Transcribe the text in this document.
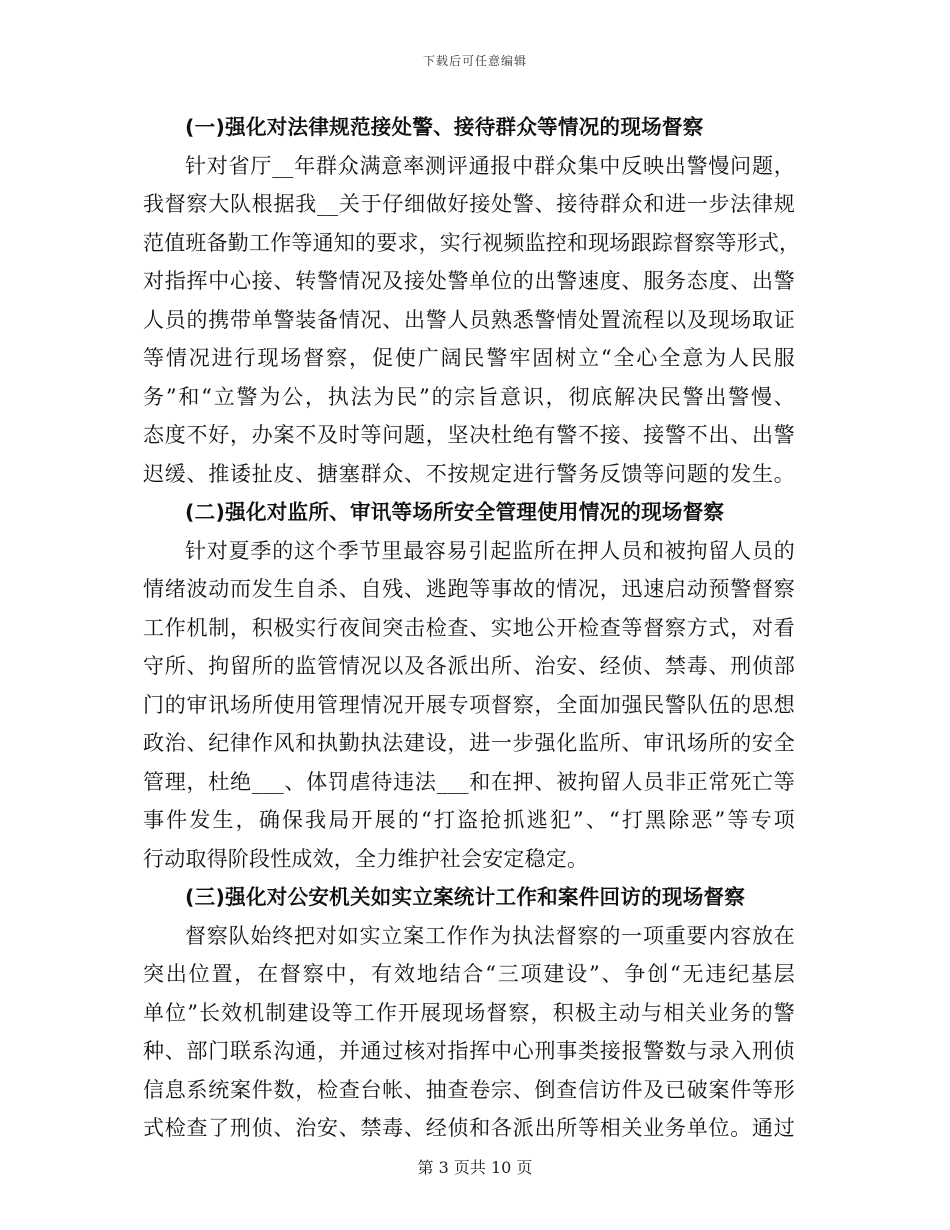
下载后可任意编辑
(一)强化对法律规范接处警、接待群众等情况的现场督察

针对省厅__年群众满意率测评通报中群众集中反映出警慢问题，
我督察大队根据我__关于仔细做好接处警、接待群众和进一步法律规
范值班备勤工作等通知的要求，实行视频监控和现场跟踪督察等形式，
对指挥中心接、转警情况及接处警单位的出警速度、服务态度、出警
人员的携带单警装备情况、出警人员熟悉警情处置流程以及现场取证
等情况进行现场督察，促使广阔民警牢固树立“全心全意为人民服
务”和“立警为公，执法为民”的宗旨意识，彻底解决民警出警慢、
态度不好，办案不及时等问题，坚决杜绝有警不接、接警不出、出警
迟缓、推诿扯皮、搪塞群众、不按规定进行警务反馈等问题的发生。

(二)强化对监所、审讯等场所安全管理使用情况的现场督察

针对夏季的这个季节里最容易引起监所在押人员和被拘留人员的
情绪波动而发生自杀、自残、逃跑等事故的情况，迅速启动预警督察
工作机制，积极实行夜间突击检查、实地公开检查等督察方式，对看
守所、拘留所的监管情况以及各派出所、治安、经侦、禁毒、刑侦部
门的审讯场所使用管理情况开展专项督察，全面加强民警队伍的思想
政治、纪律作风和执勤执法建设，进一步强化监所、审讯场所的安全
管理，杜绝___、体罚虐待违法___和在押、被拘留人员非正常死亡等
事件发生，确保我局开展的“打盗抢抓逃犯”、“打黑除恶”等专项
行动取得阶段性成效，全力维护社会安定稳定。

(三)强化对公安机关如实立案统计工作和案件回访的现场督察

督察队始终把对如实立案工作作为执法督察的一项重要内容放在
突出位置，在督察中，有效地结合“三项建设”、争创“无违纪基层
单位”长效机制建设等工作开展现场督察，积极主动与相关业务的警
种、部门联系沟通，并通过核对指挥中心刑事类接报警数与录入刑侦
信息系统案件数，检查台帐、抽查卷宗、倒查信访件及已破案件等形
式检查了刑侦、治安、禁毒、经侦和各派出所等相关业务单位。通过

第 3 页共 10 页
